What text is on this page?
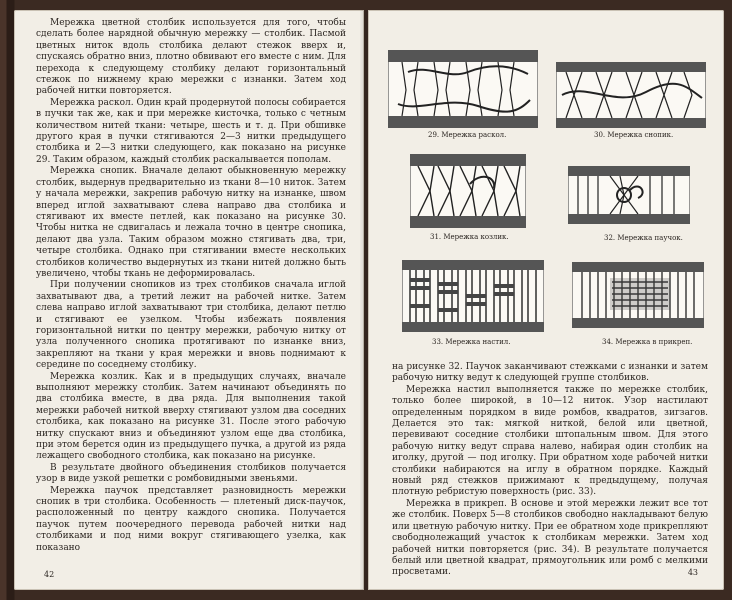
Мережка цветной столбик используется для того, чтобы сделать более нарядной обычную мережку — столбик. Пасмой цветных ниток вдоль столбика делают стежок вверх и, спускаясь обратно вниз, плотно обвивают его вместе с ним. Для перехода к следующему столбику делают горизонтальный стежок по нижнему краю мережки с изнанки. Затем ход рабочей нитки повторяется.

Мережка раскол. Один край продернутой полосы собирается в пучки так же, как и при мережке кисточка, только с четным количеством нитей ткани: четыре, шесть и т. д. При обшивке другого края в пучки стягиваются 2—3 нитки предыдущего столбика и 2—3 нитки следующего, как показано на рисунке 29. Таким образом, каждый столбик раскалывается пополам.

Мережка снопик. Вначале делают обыкновенную мережку столбик, выдернув предварительно из ткани 8—10 ниток. Затем у начала мережки, закрепив рабочую нитку на изнанке, швом вперед иглой захватывают слева направо два столбика и стягивают их вместе петлей, как показано на рисунке 30. Чтобы нитка не сдвигалась и лежала точно в центре снопика, делают два узла. Таким образом можно стягивать два, три, четыре столбика. Однако при стягивании вместе нескольких столбиков количество выдернутых из ткани нитей должно быть увеличено, чтобы ткань не деформировалась.

При получении снопиков из трех столбиков сначала иглой захватывают два, а третий лежит на рабочей нитке. Затем слева направо иглой захватывают три столбика, делают петлю и стягивают ее узелком. Чтобы избежать появления горизонтальной нитки по центру мережки, рабочую нитку от узла полученного снопика протягивают по изнанке вниз, закрепляют на ткани у края мережки и вновь поднимают к середине по соседнему столбику.

Мережка козлик. Как и в предыдущих случаях, вначале выполняют мережку столбик. Затем начинают объединять по два столбика вместе, в два ряда. Для выполнения такой мережки рабочей ниткой вверху стягивают узлом два соседних столбика, как показано на рисунке 31. После этого рабочую нитку спускают вниз и объединяют узлом еще два столбика, при этом берется один из предыдущего пучка, а другой из ряда лежащего свободного столбика, как показано на рисунке.

В результате двойного объединения столбиков получается узор в виде узкой решетки с ромбовидными звеньями.

Мережка паучок представляет разновидность мережки снопик в три столбика. Особенность — плетеный диск-паучок, расположенный по центру каждого снопика. Получается паучок путем поочередного перевода рабочей нитки над столбиками и под ними вокруг стягивающего узелка, как показано

42
29. Мережка раскол.	30. Мережка снопик.
31. Мережка козлик.	32. Мережка паучок.
33. Мережка настил.	34. Мережка в прикреп.

на рисунке 32. Паучок заканчивают стежками с изнанки и затем рабочую нитку ведут к следующей группе столбиков.

Мережка настил выполняется также по мережке столбик, только более широкой, в 10—12 ниток. Узор настилают определенным порядком в виде ромбов, квадратов, зигзагов. Делается это так: мягкой ниткой, белой или цветной, перевивают соседние столбики штопальным швом. Для этого рабочую нитку ведут справа налево, набирая один столбик на иголку, другой — под иголку. При обратном ходе рабочей нитки столбики набираются на иглу в обратном порядке. Каждый новый ряд стежков прижимают к предыдущему, получая плотную ребристую поверхность (рис. 33).

Мережка в прикреп. В основе и этой мережки лежит все тот же столбик. Поверх 5—8 столбиков свободно накладывают белую или цветную рабочую нитку. При ее обратном ходе прикрепляют свободнолежащий участок к столбикам мережки. Затем ход рабочей нитки повторяется (рис. 34). В результате получается белый или цветной квадрат, прямоугольник или ромб с мелкими просветами.	43
